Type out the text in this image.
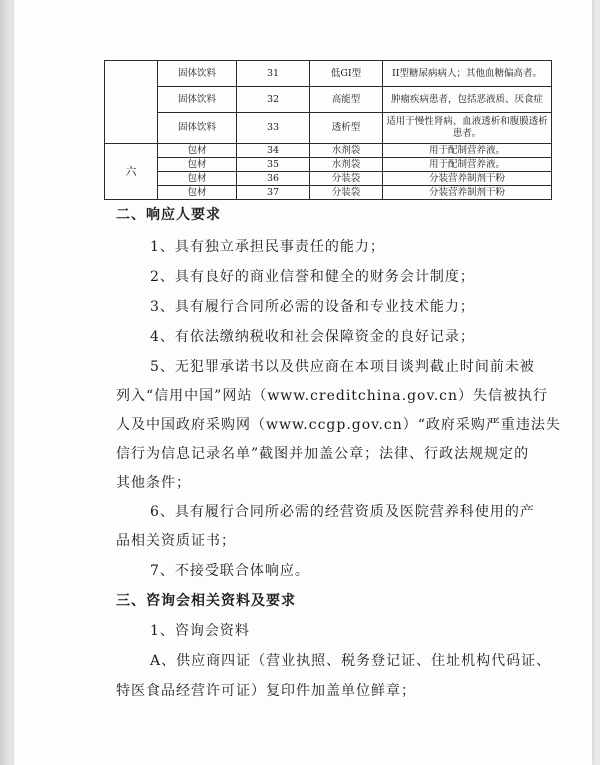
	固体饮料	31	低GI型	II型糖尿病病人；其他血糖偏高者。
	固体饮料	32	高能型	肿瘤疾病患者，包括恶液质、厌食症
	固体饮料	33	透析型	适用于慢性肾病、血液透析和腹膜透析患者。
六	包材	34	水剂袋	用于配制营养液。
	包材	35	水剂袋	用于配制营养液。
	包材	36	分装袋	分装营养制剂干粉
	包材	37	分装袋	分装营养制剂干粉
二、响应人要求
1、具有独立承担民事责任的能力；
2、具有良好的商业信誉和健全的财务会计制度；
3、具有履行合同所必需的设备和专业技术能力；
4、有依法缴纳税收和社会保障资金的良好记录；
5、无犯罪承诺书以及供应商在本项目谈判截止时间前未被
列入“信用中国”网站（www.creditchina.gov.cn）失信被执行
人及中国政府采购网（www.ccgp.gov.cn）“政府采购严重违法失
信行为信息记录名单”截图并加盖公章；法律、行政法规规定的
其他条件；
6、具有履行合同所必需的经营资质及医院营养科使用的产
品相关资质证书；
7、不接受联合体响应。
三、咨询会相关资料及要求
1、咨询会资料
A、供应商四证（营业执照、税务登记证、住址机构代码证、
特医食品经营许可证）复印件加盖单位鲜章；
